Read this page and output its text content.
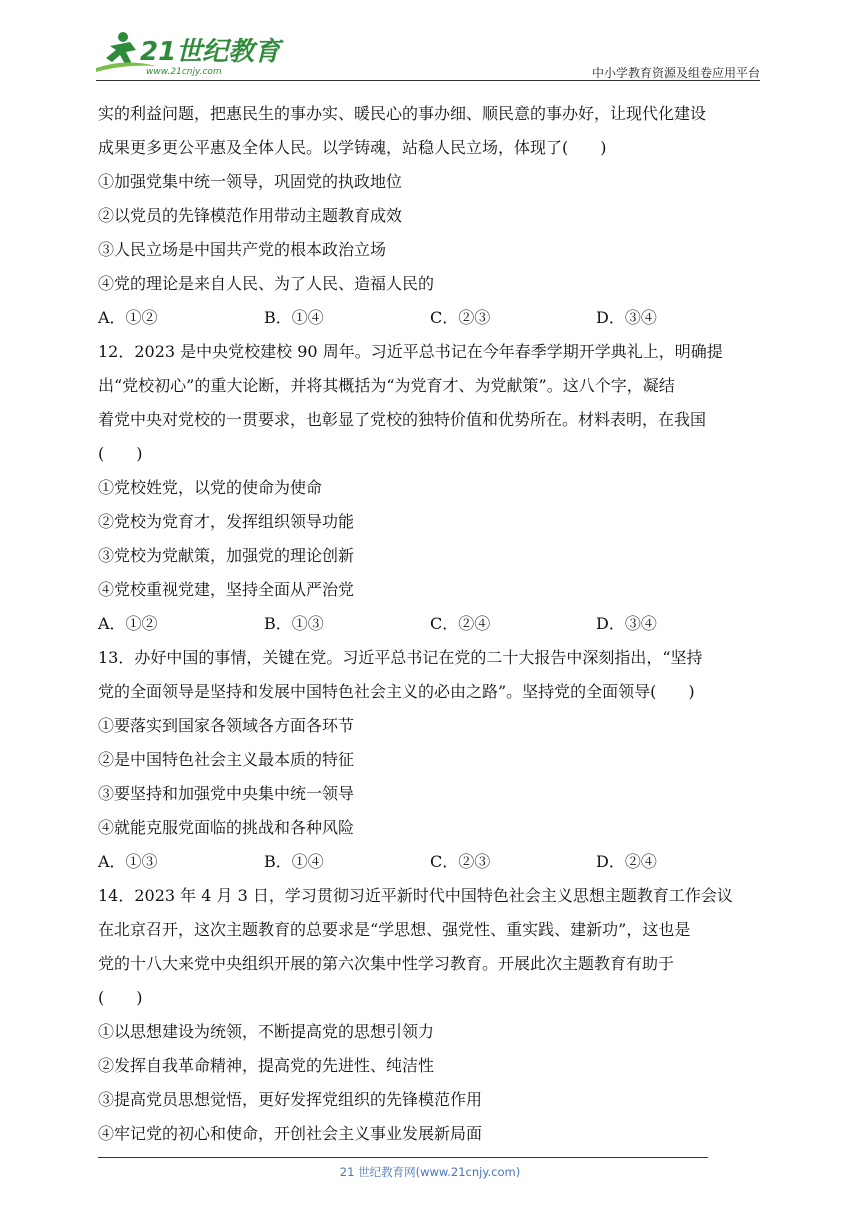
21世纪教育
www.21cnjy.com	中小学教育资源及组卷应用平台
实的利益问题，把惠民生的事办实、暖民心的事办细、顺民意的事办好，让现代化建设
成果更多更公平惠及全体人民。以学铸魂，站稳人民立场，体现了(　　)
①加强党集中统一领导，巩固党的执政地位
②以党员的先锋模范作用带动主题教育成效
③人民立场是中国共产党的根本政治立场
④党的理论是来自人民、为了人民、造福人民的
A．①②	B．①④	C．②③	D．③④
12．2023 是中央党校建校 90 周年。习近平总书记在今年春季学期开学典礼上，明确提
出“党校初心”的重大论断，并将其概括为“为党育才、为党献策”。这八个字，凝结
着党中央对党校的一贯要求，也彰显了党校的独特价值和优势所在。材料表明，在我国
(　　)
①党校姓党，以党的使命为使命
②党校为党育才，发挥组织领导功能
③党校为党献策，加强党的理论创新
④党校重视党建，坚持全面从严治党
A．①②	B．①③	C．②④	D．③④
13．办好中国的事情，关键在党。习近平总书记在党的二十大报告中深刻指出，“坚持
党的全面领导是坚持和发展中国特色社会主义的必由之路”。坚持党的全面领导(　　)
①要落实到国家各领域各方面各环节
②是中国特色社会主义最本质的特征
③要坚持和加强党中央集中统一领导
④就能克服党面临的挑战和各种风险
A．①③	B．①④	C．②③	D．②④
14．2023 年 4 月 3 日，学习贯彻习近平新时代中国特色社会主义思想主题教育工作会议
在北京召开，这次主题教育的总要求是“学思想、强党性、重实践、建新功”，这也是
党的十八大来党中央组织开展的第六次集中性学习教育。开展此次主题教育有助于
(　　)
①以思想建设为统领，不断提高党的思想引领力
②发挥自我革命精神，提高党的先进性、纯洁性
③提高党员思想觉悟，更好发挥党组织的先锋模范作用
④牢记党的初心和使命，开创社会主义事业发展新局面
21 世纪教育网(www.21cnjy.com)
